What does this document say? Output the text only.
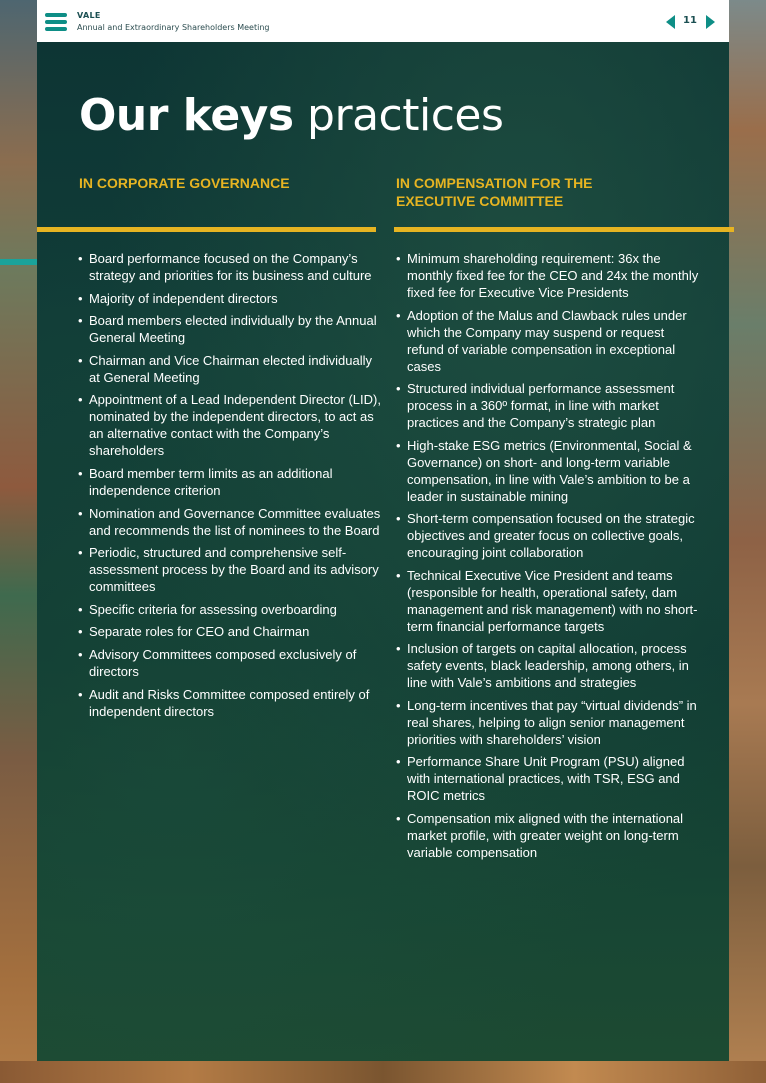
VALE
Annual and Extraordinary Shareholders Meeting
11
Our keys practices
IN CORPORATE GOVERNANCE	IN COMPENSATION FOR THE EXECUTIVE COMMITTEE
• Board performance focused on the Company’s strategy and priorities for its business and culture
• Majority of independent directors
• Board members elected individually by the Annual General Meeting
• Chairman and Vice Chairman elected individually at General Meeting
• Appointment of a Lead Independent Director (LID), nominated by the independent directors, to act as an alternative contact with the Company’s shareholders
• Board member term limits as an additional independence criterion
• Nomination and Governance Committee evaluates and recommends the list of nominees to the Board
• Periodic, structured and comprehensive self-assessment process by the Board and its advisory committees
• Specific criteria for assessing overboarding
• Separate roles for CEO and Chairman
• Advisory Committees composed exclusively of directors
• Audit and Risks Committee composed entirely of independent directors
• Minimum shareholding requirement: 36x the monthly fixed fee for the CEO and 24x the monthly fixed fee for Executive Vice Presidents
• Adoption of the Malus and Clawback rules under which the Company may suspend or request refund of variable compensation in exceptional cases
• Structured individual performance assessment process in a 360º format, in line with market practices and the Company’s strategic plan
• High-stake ESG metrics (Environmental, Social & Governance) on short- and long-term variable compensation, in line with Vale’s ambition to be a leader in sustainable mining
• Short-term compensation focused on the strategic objectives and greater focus on collective goals, encouraging joint collaboration
• Technical Executive Vice President and teams (responsible for health, operational safety, dam management and risk management) with no short-term financial performance targets
• Inclusion of targets on capital allocation, process safety events, black leadership, among others, in line with Vale’s ambitions and strategies
• Long-term incentives that pay “virtual dividends” in real shares, helping to align senior management priorities with shareholders’ vision
• Performance Share Unit Program (PSU) aligned with international practices, with TSR, ESG and ROIC metrics
• Compensation mix aligned with the international market profile, with greater weight on long-term variable compensation
